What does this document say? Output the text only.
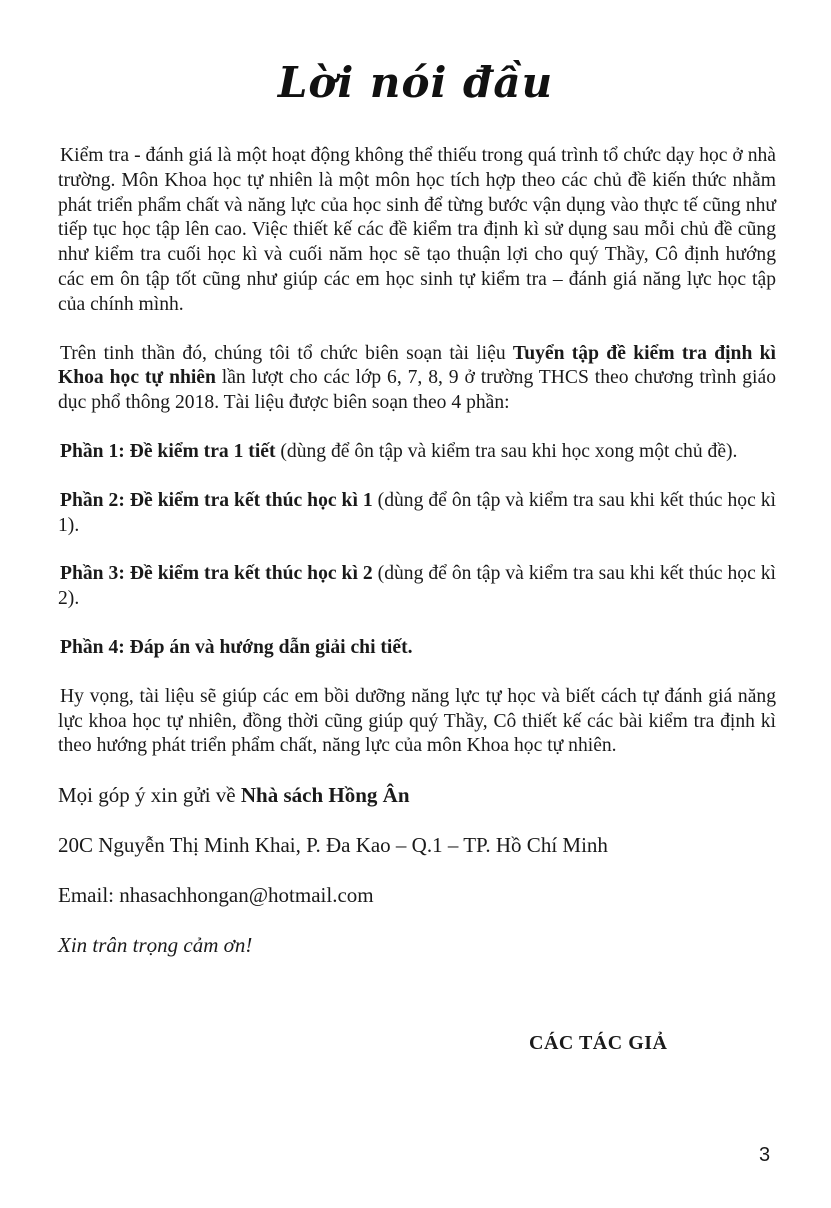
Lời nói đầu

Kiểm tra - đánh giá là một hoạt động không thể thiếu trong quá trình tổ chức dạy học ở nhà trường. Môn Khoa học tự nhiên là một môn học tích hợp theo các chủ đề kiến thức nhằm phát triển phẩm chất và năng lực của học sinh để từng bước vận dụng vào thực tế cũng như tiếp tục học tập lên cao. Việc thiết kế các đề kiểm tra định kì sử dụng sau mỗi chủ đề cũng như kiểm tra cuối học kì và cuối năm học sẽ tạo thuận lợi cho quý Thầy, Cô định hướng các em ôn tập tốt cũng như giúp các em học sinh tự kiểm tra – đánh giá năng lực học tập của chính mình.

Trên tinh thần đó, chúng tôi tổ chức biên soạn tài liệu Tuyển tập đề kiểm tra định kì Khoa học tự nhiên lần lượt cho các lớp 6, 7, 8, 9 ở trường THCS theo chương trình giáo dục phổ thông 2018. Tài liệu được biên soạn theo 4 phần:

Phần 1: Đề kiểm tra 1 tiết (dùng để ôn tập và kiểm tra sau khi học xong một chủ đề).

Phần 2: Đề kiểm tra kết thúc học kì 1 (dùng để ôn tập và kiểm tra sau khi kết thúc học kì 1).

Phần 3: Đề kiểm tra kết thúc học kì 2 (dùng để ôn tập và kiểm tra sau khi kết thúc học kì 2).

Phần 4: Đáp án và hướng dẫn giải chi tiết.

Hy vọng, tài liệu sẽ giúp các em bồi dưỡng năng lực tự học và biết cách tự đánh giá năng lực khoa học tự nhiên, đồng thời cũng giúp quý Thầy, Cô thiết kế các bài kiểm tra định kì theo hướng phát triển phẩm chất, năng lực của môn Khoa học tự nhiên.

Mọi góp ý xin gửi về Nhà sách Hồng Ân

20C Nguyễn Thị Minh Khai, P. Đa Kao – Q.1 – TP. Hồ Chí Minh

Email: nhasachhongan@hotmail.com

Xin trân trọng cảm ơn!

CÁC TÁC GIẢ
3
